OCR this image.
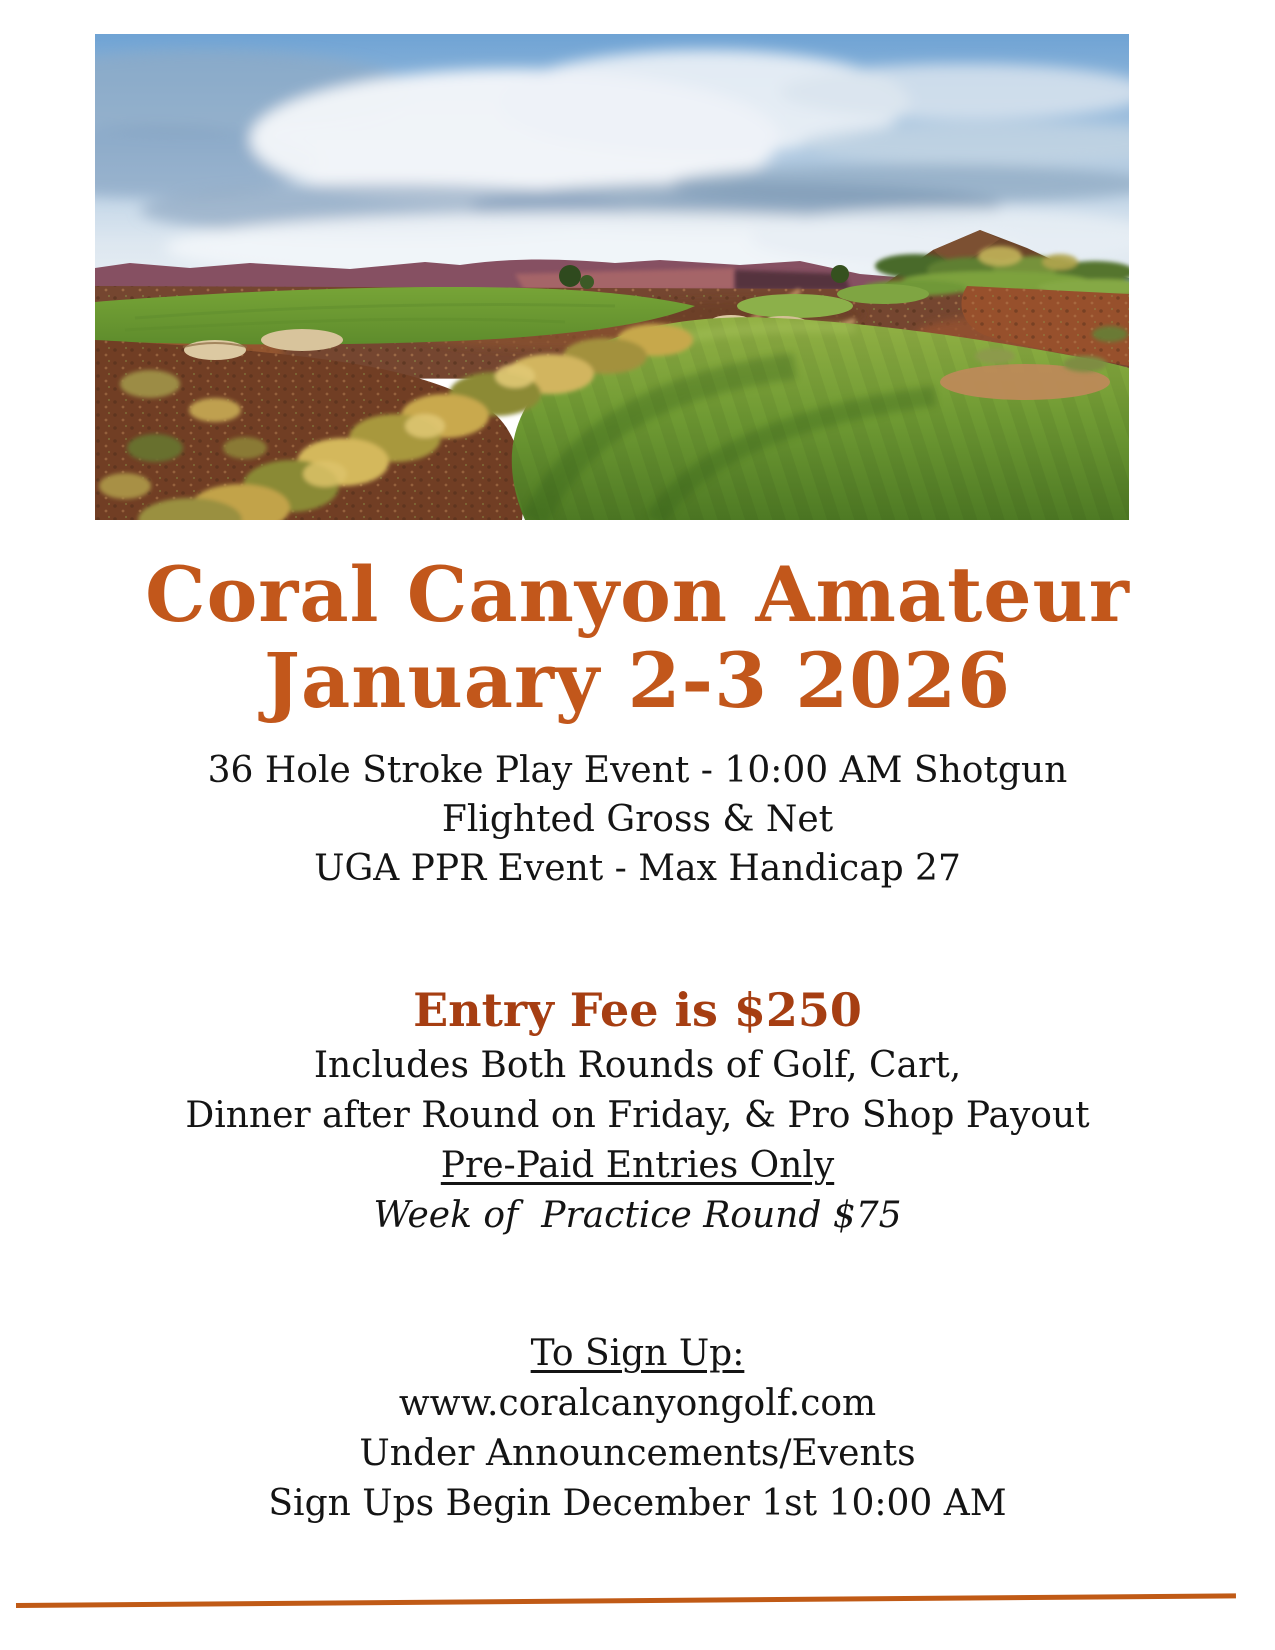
Coral Canyon Amateur
January 2-3 2026
36 Hole Stroke Play Event - 10:00 AM Shotgun
Flighted Gross & Net
UGA PPR Event - Max Handicap 27
Entry Fee is $250
Includes Both Rounds of Golf, Cart,
Dinner after Round on Friday, & Pro Shop Payout
Pre-Paid Entries Only
Week of  Practice Round $75
To Sign Up:
www.coralcanyongolf.com
Under Announcements/Events
Sign Ups Begin December 1st 10:00 AM
